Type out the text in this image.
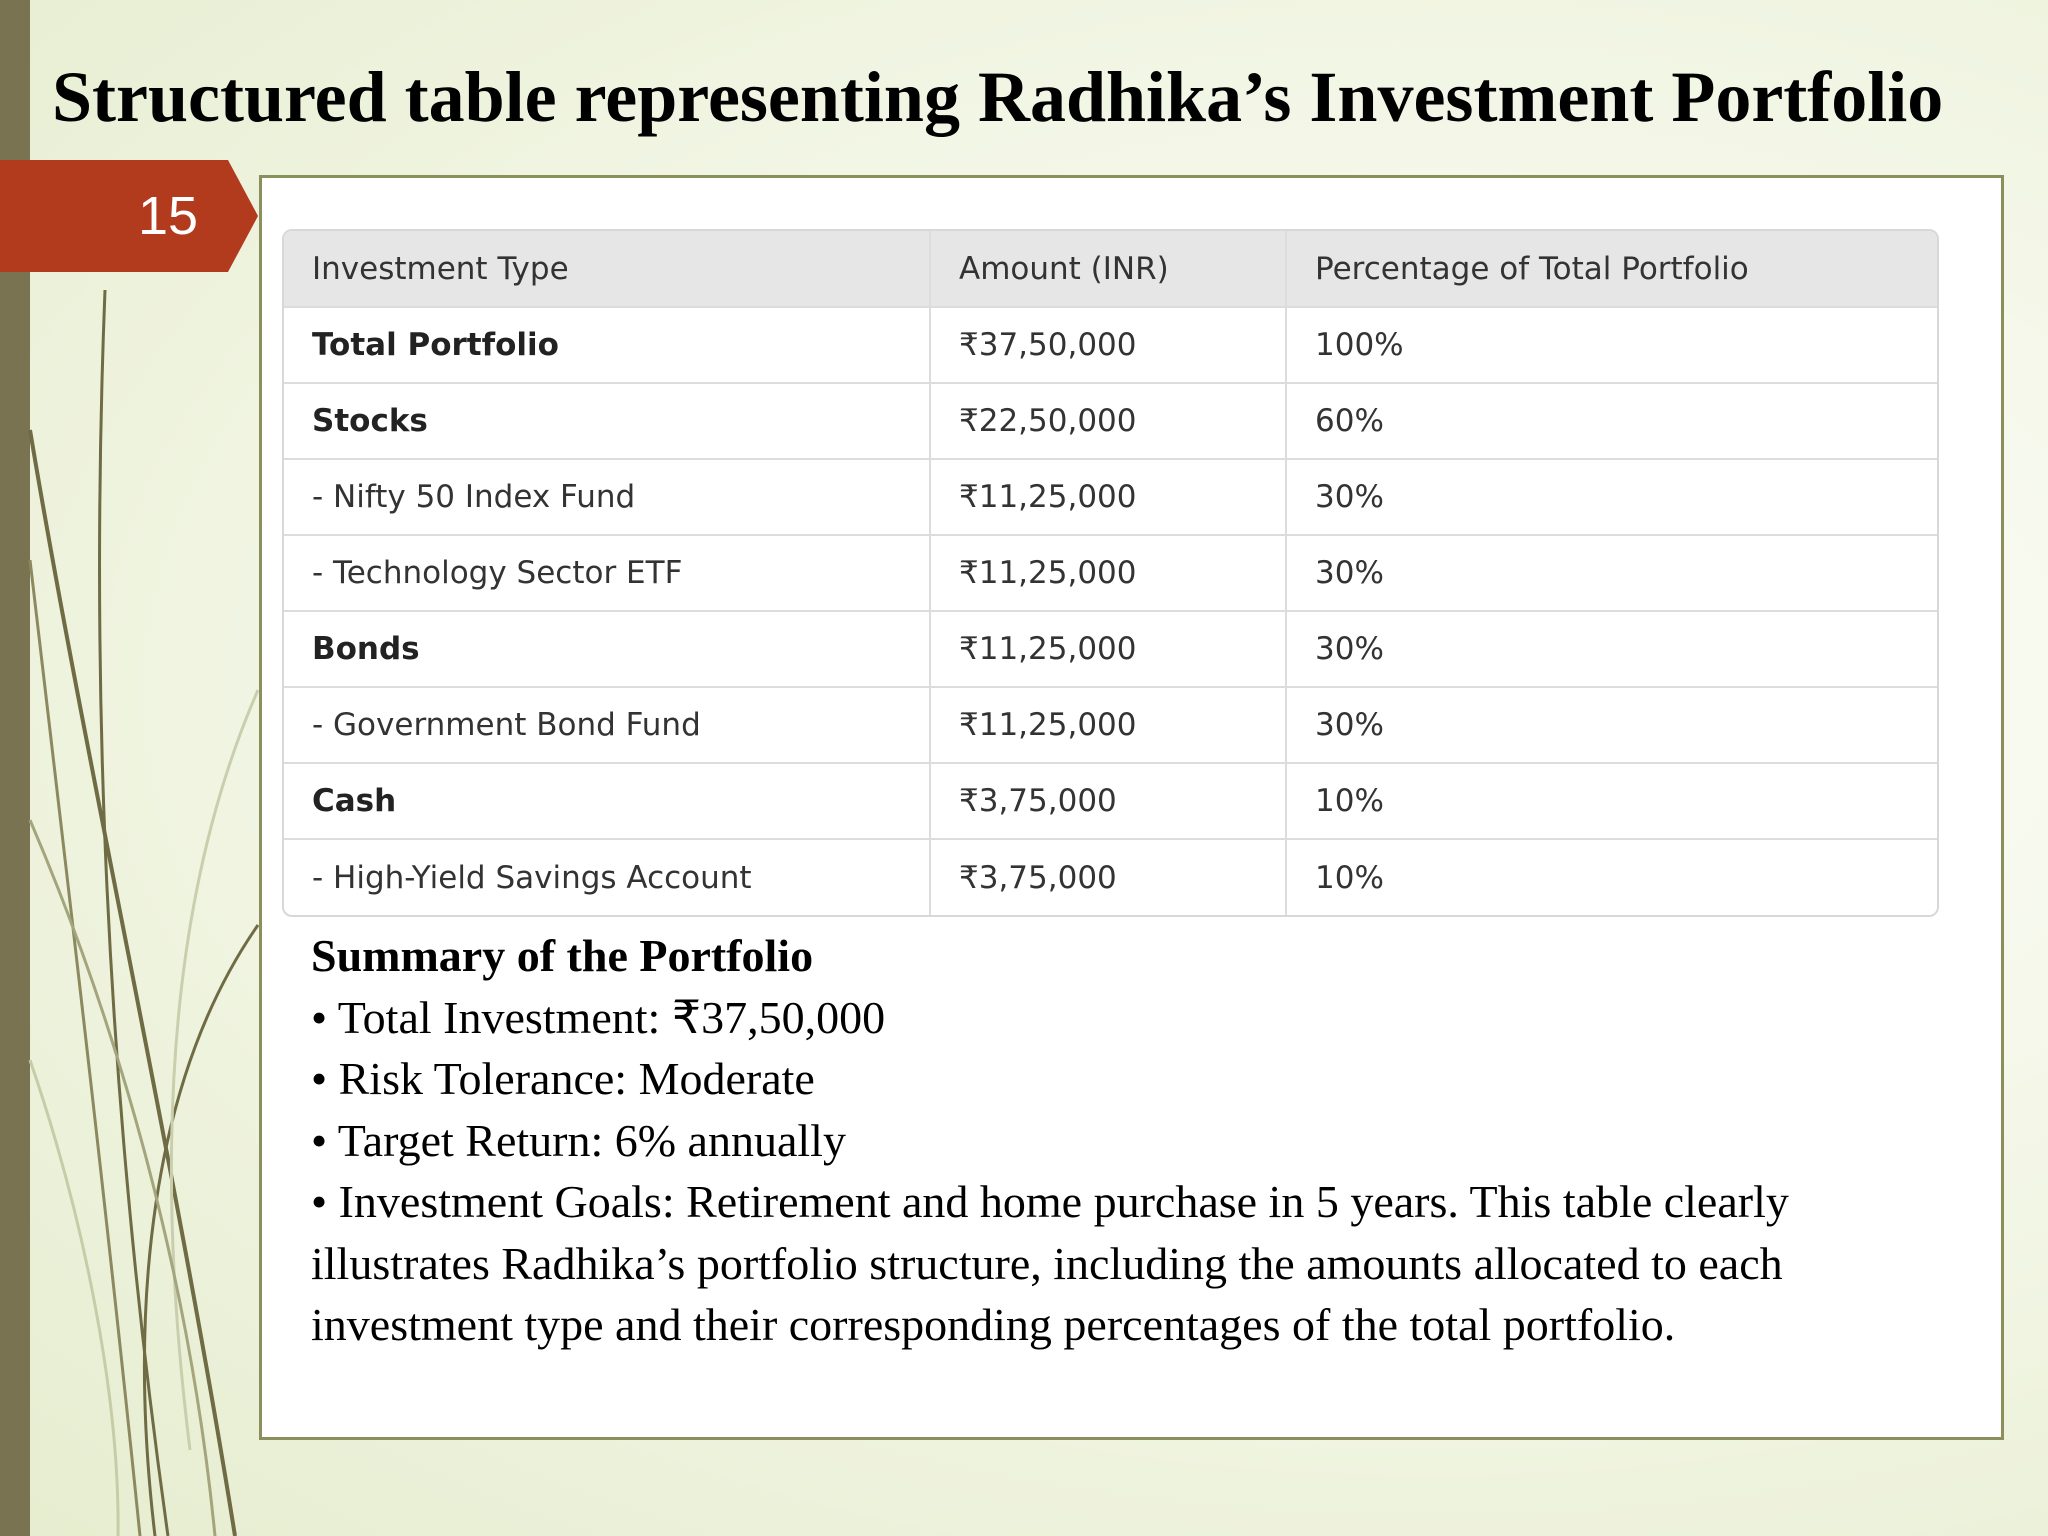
Structured table representing Radhika’s Investment Portfolio
15
Investment Type	Amount (INR)	Percentage of Total Portfolio
Total Portfolio	₹37,50,000	100%
Stocks	₹22,50,000	60%
- Nifty 50 Index Fund	₹11,25,000	30%
- Technology Sector ETF	₹11,25,000	30%
Bonds	₹11,25,000	30%
- Government Bond Fund	₹11,25,000	30%
Cash	₹3,75,000	10%
- High-Yield Savings Account	₹3,75,000	10%
Summary of the Portfolio
• Total Investment: ₹37,50,000
• Risk Tolerance: Moderate
• Target Return: 6% annually
• Investment Goals: Retirement and home purchase in 5 years. This table clearly illustrates Radhika’s portfolio structure, including the amounts allocated to each investment type and their corresponding percentages of the total portfolio.
